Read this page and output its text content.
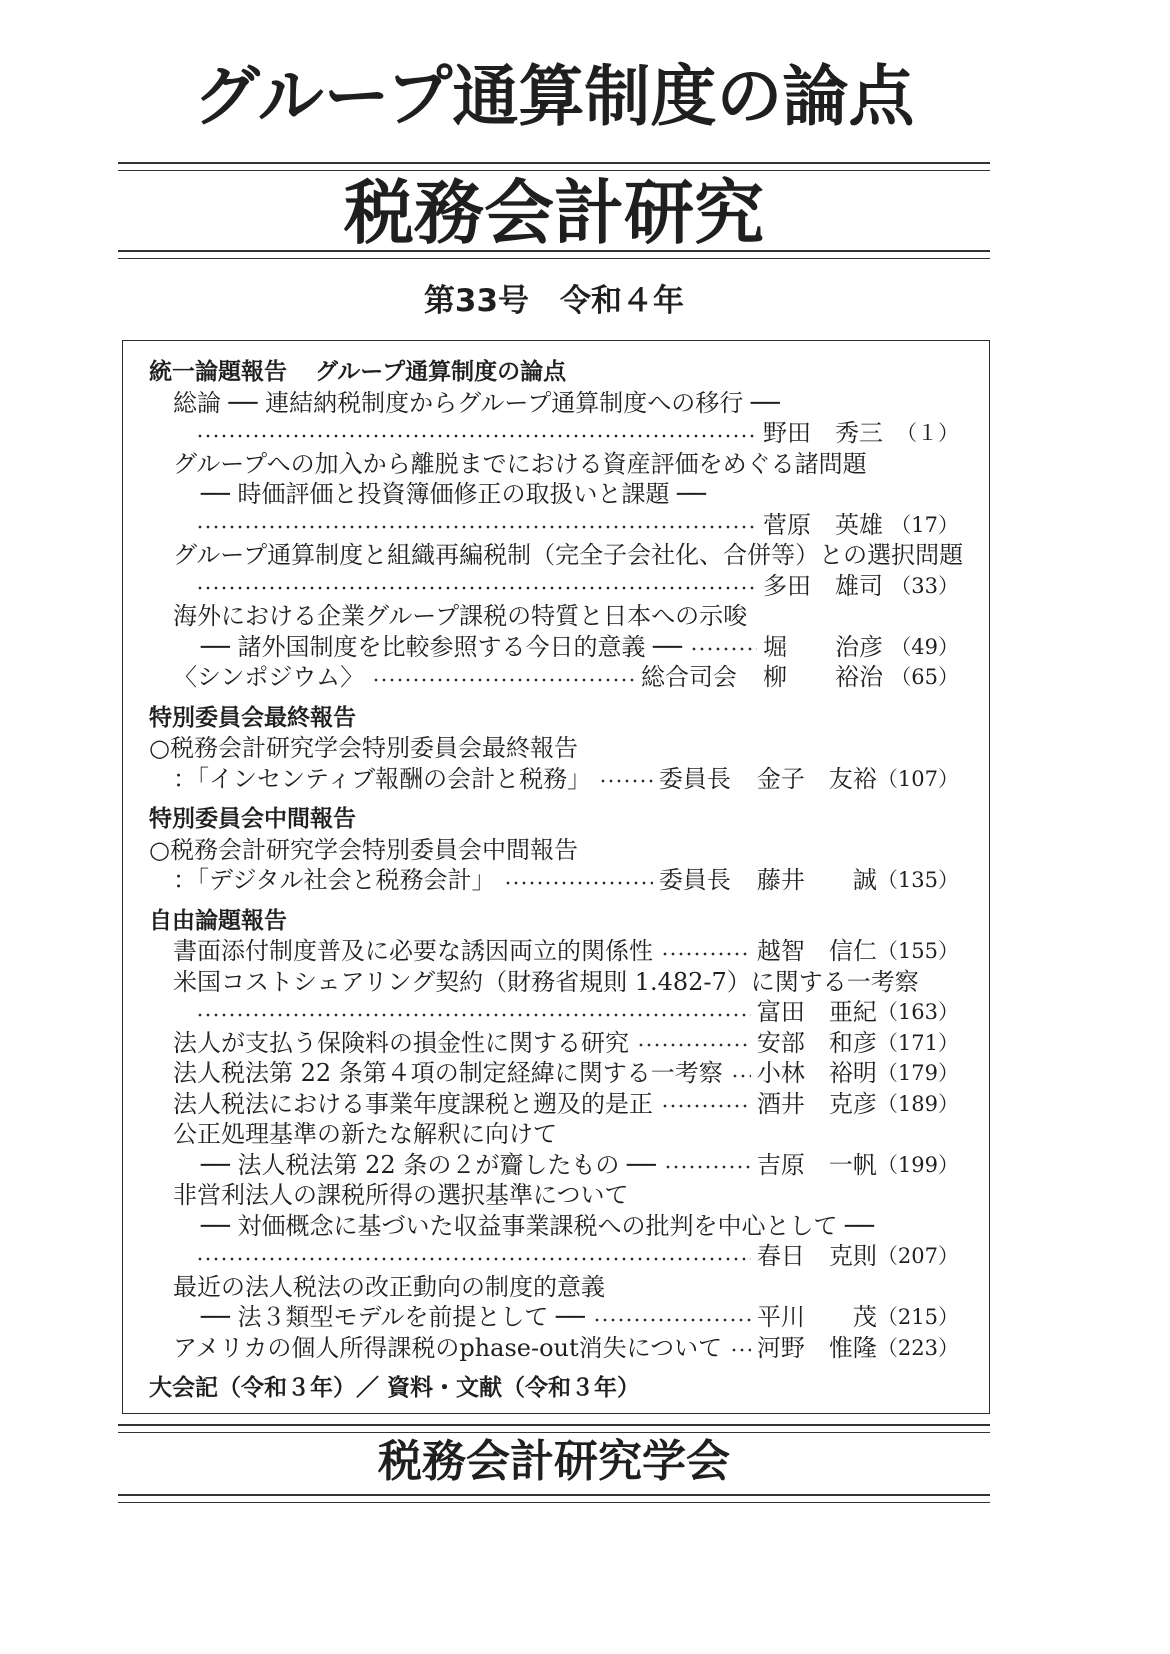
グループ通算制度の論点
税務会計研究
第33号　令和４年
統一論題報告 グループ通算制度の論点
総論 ── 連結納税制度からグループ通算制度への移行 ──
野田 秀三 （１）
グループへの加入から離脱までにおける資産評価をめぐる諸問題
── 時価評価と投資簿価修正の取扱いと課題 ──
菅原 英雄 （17）
グループ通算制度と組織再編税制（完全子会社化、合併等）との選択問題
多田 雄司 （33）
海外における企業グループ課税の特質と日本への示唆
── 諸外国制度を比較参照する今日的意義 ──	堀 治彦 （49）
〈シンポジウム〉	総合司会 柳 裕治 （65）
特別委員会最終報告
○税務会計研究学会特別委員会最終報告
：「インセンティブ報酬の会計と税務」	委員長 金子 友裕 （107）
特別委員会中間報告
○税務会計研究学会特別委員会中間報告
：「デジタル社会と税務会計」	委員長 藤井 誠 （135）
自由論題報告
書面添付制度普及に必要な誘因両立的関係性	越智 信仁 （155）
米国コストシェアリング契約（財務省規則 1.482-7）に関する一考察
富田 亜紀 （163）
法人が支払う保険料の損金性に関する研究	安部 和彦 （171）
法人税法第 22 条第４項の制定経緯に関する一考察 小林 裕明 （179）
法人税法における事業年度課税と遡及的是正	酒井 克彦 （189）
公正処理基準の新たな解釈に向けて
── 法人税法第 22 条の２が齎したもの ──	吉原 一帆 （199）
非営利法人の課税所得の選択基準について
── 対価概念に基づいた収益事業課税への批判を中心として ──
春日 克則 （207）
最近の法人税法の改正動向の制度的意義
── 法３類型モデルを前提として ──	平川 茂 （215）
アメリカの個人所得課税のphase-out消失について 河野 惟隆 （223）
大会記（令和３年）／ 資料・文献（令和３年）
税務会計研究学会
